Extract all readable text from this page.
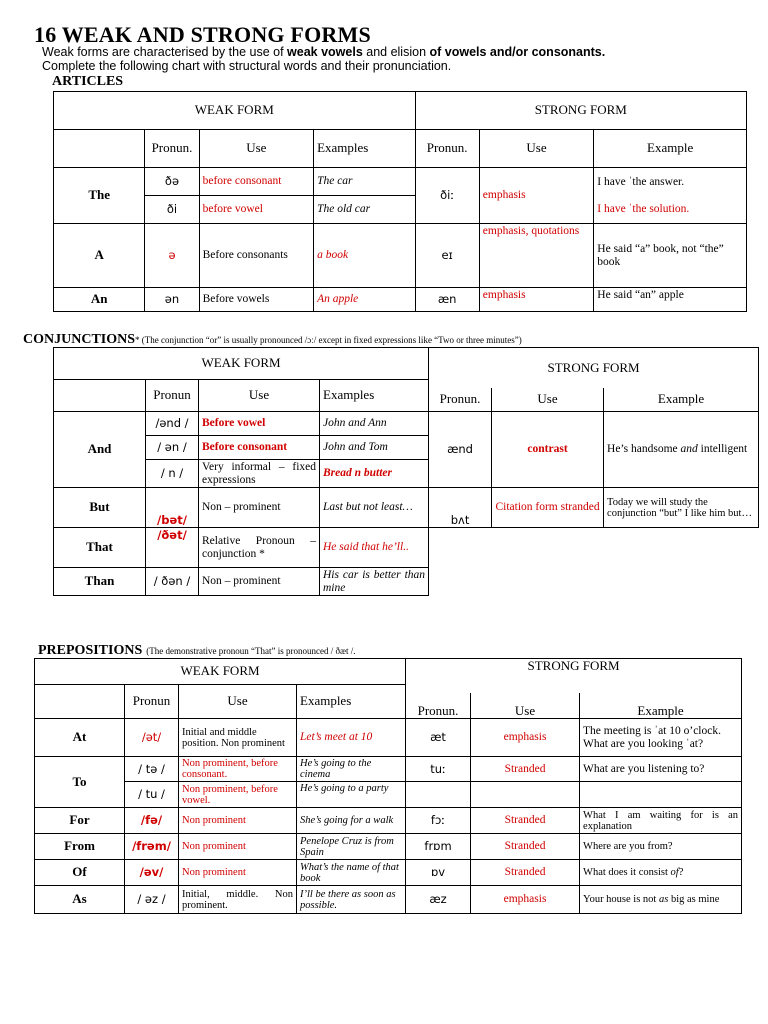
16 WEAK AND STRONG FORMS
Weak forms are characterised by the use of weak vowels and elision of vowels and/or consonants.
Complete the following chart with structural words and their pronunciation.
ARTICLES
WEAK FORM				STRONG FORM		
	Pronun.	Use	Examples	Pronun.	Use	Example
The	ðə	before consonant	The car	ðiː	emphasis	I have ˈthe answer.
	ði	before vowel	The old car			I have ˈthe solution.
A	ə	Before consonants	a book	eɪ	emphasis, quotations	He said “a” book, not “the” book
An	ən	Before vowels	An apple	æn	emphasis	He said “an” apple
CONJUNCTIONS* (The conjunction “or” is usually pronounced /ɔː/ except in fixed expressions like “Two or three minutes”)
WEAK FORM				STRONG FORM		
	Pronun	Use	Examples			
				Pronun.	Use	Example
And	/ənd /	Before vowel	John and Ann	ænd	contrast	He’s handsome and intelligent
	/ ən /	Before consonant	John and Tom			
	/ n /	Very informal – fixed expressions	Bread n butter			
But	/bət/	Non – prominent	Last but not least…	bʌt	Citation form stranded	Today we will study the conjunction “but” I like him but…
That	/ðət/	Relative Pronoun – conjunction *	He said that he’ll..			
Than	/ ðən /	Non – prominent	His car is better than mine			
PREPOSITIONS (The demonstrative pronoun “That” is pronounced / ðæt /.
WEAK FORM				STRONG FORM		
	Pronun	Use	Examples			
				Pronun.	Use	Example
At	/ət/	Initial and middle position. Non prominent	Let’s meet at 10	æt	emphasis	The meeting is ˈat 10 o’clock.
What are you looking ˈat?

To	/ tə /	Non prominent, before consonant.	He’s going to the cinema	tuː	Stranded	What are you listening to?
	/ tu /	Non prominent, before vowel.	He’s going to a party			
For	/fə/	Non prominent	She’s going for a walk	fɔː	Stranded	What I am waiting for is an explanation
From	/frəm/	Non prominent	Penelope Cruz is from Spain	frɒm	Stranded	Where are you from?
Of	/əv/	Non prominent	What’s the name of that book	ɒv	Stranded	What does it consist of?
As	/ əz /	Initial, middle. Non prominent.	I’ll be there as soon as possible.	æz	emphasis	Your house is not as big as mine
